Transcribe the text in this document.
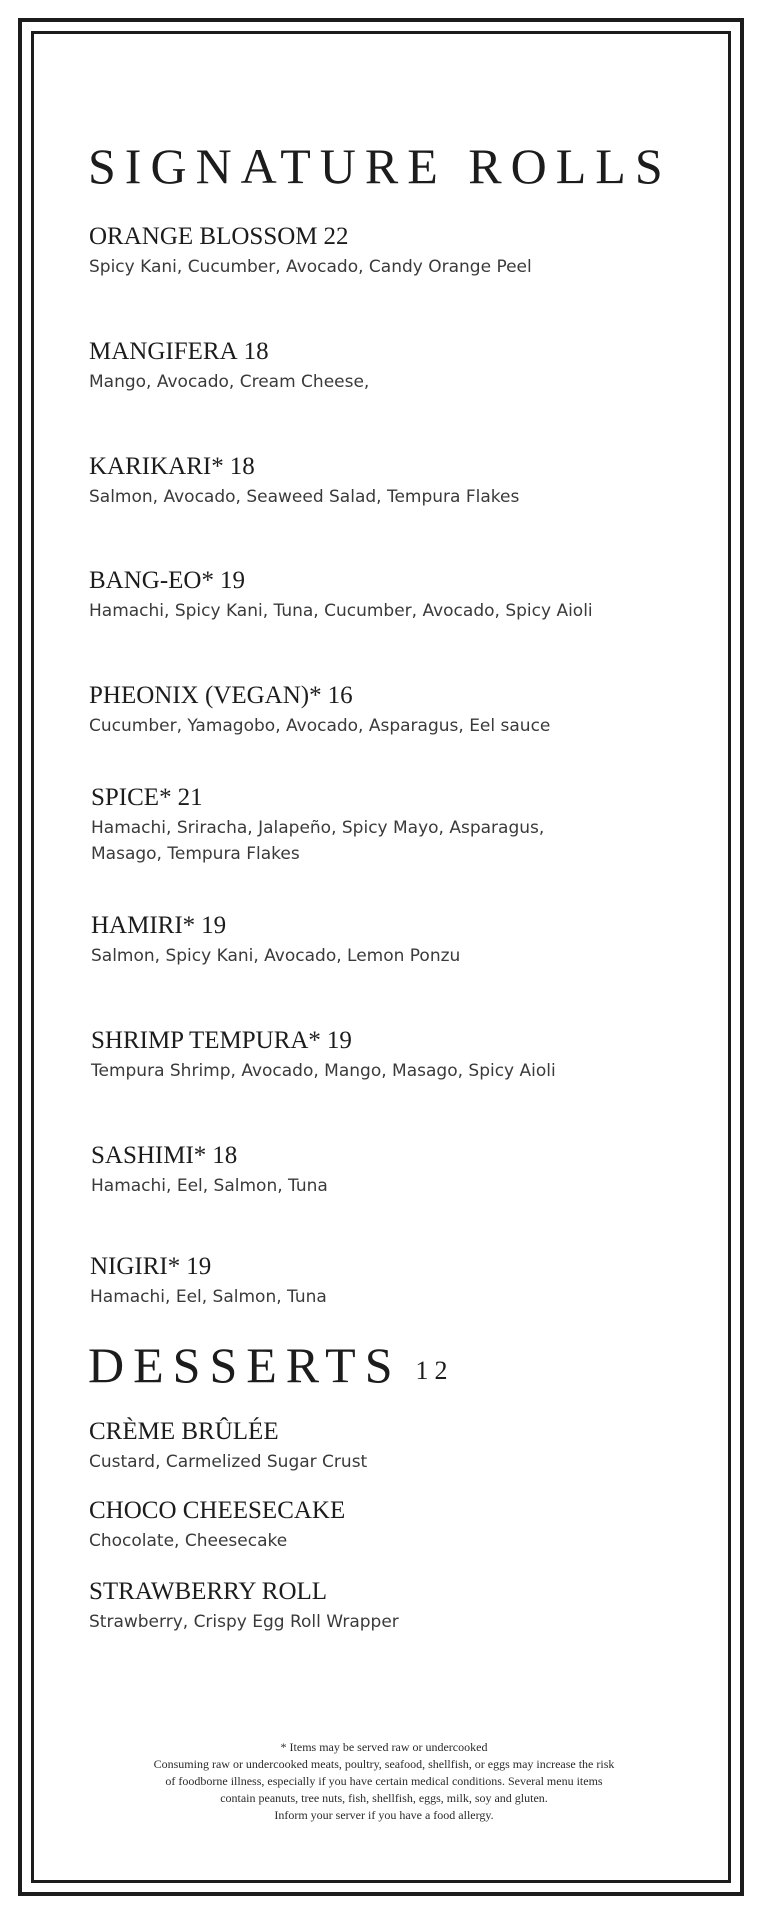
SIGNATURE ROLLS
ORANGE BLOSSOM 22
Spicy Kani, Cucumber, Avocado, Candy Orange Peel
MANGIFERA 18
Mango, Avocado, Cream Cheese,
KARIKARI* 18
Salmon, Avocado, Seaweed Salad, Tempura Flakes
BANG-EO* 19
Hamachi, Spicy Kani, Tuna, Cucumber, Avocado, Spicy Aioli
PHEONIX (VEGAN)* 16
Cucumber, Yamagobo, Avocado, Asparagus, Eel sauce
SPICE* 21
Hamachi, Sriracha, Jalapeño, Spicy Mayo, Asparagus,
Masago, Tempura Flakes
HAMIRI* 19
Salmon, Spicy Kani, Avocado, Lemon Ponzu
SHRIMP TEMPURA* 19
Tempura Shrimp, Avocado, Mango, Masago, Spicy Aioli
SASHIMI* 18
Hamachi, Eel, Salmon, Tuna
NIGIRI* 19
Hamachi, Eel, Salmon, Tuna
DESSERTS 12
CRÈME BRÛLÉE
Custard, Carmelized Sugar Crust
CHOCO CHEESECAKE
Chocolate, Cheesecake
STRAWBERRY ROLL
Strawberry, Crispy Egg Roll Wrapper
* Items may be served raw or undercooked
Consuming raw or undercooked meats, poultry, seafood, shellfish, or eggs may increase the risk
of foodborne illness, especially if you have certain medical conditions. Several menu items
contain peanuts, tree nuts, fish, shellfish, eggs, milk, soy and gluten.
Inform your server if you have a food allergy.
